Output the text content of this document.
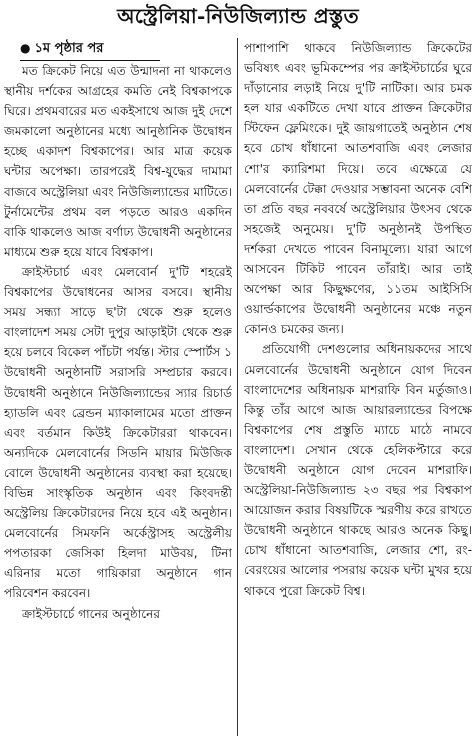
অস্ট্রেলিয়া-নিউজিল্যান্ড প্রস্তুত
● ১ম পৃষ্ঠার পর

মত ক্রিকেট নিয়ে এত উন্মাদনা না থাকলেও স্থানীয় দর্শকের আগ্রহের কমতি নেই বিশ্বকাপকে ঘিরে। প্রথমবারের মত একইসাথে আজ দুই দেশে জমকালো অনুষ্ঠানের মধ্যে আনুষ্ঠানিক উদ্বোধন হচ্ছে একাদশ বিশ্বকাপের। আর মাত্র কয়েক ঘন্টার অপেক্ষা। তারপরেই বিশ্ব-যুদ্ধের দামামা বাজবে অস্ট্রেলিয়া এবং নিউজিল্যান্ডের মাটিতে। টুর্নামেন্টের প্রথম বল পড়তে আরও একদিন বাকি থাকলেও আজ বর্ণাঢ্য উদ্বোধনী অনুষ্ঠানের মাধ্যমে শুরু হয়ে যাবে বিশ্বকাপ।

ক্রাইস্টচার্চ এবং মেলবোর্ন দু'টি শহরেই বিশ্বকাপের উদ্বোধনের আসর বসবে। স্থানীয় সময় সন্ধ্যা সাড়ে ছ'টা থেকে শুরু হলেও বাংলাদেশ সময় সেটা দুপুর আড়াইটা থেকে শুরু হয়ে চলবে বিকেল পাঁচটা পর্যন্ত। স্টার স্পোর্টস ১ উদ্বোধনী অনুষ্ঠানটি সরাসরি সম্প্রচার করবে। উদ্বোধনী অনুষ্ঠানে নিউজিল্যান্ডের স্যার রিচার্ড হ্যাডলি এবং ব্রেন্ডন ম্যাকালামের মতো প্রাক্তন এবং বর্তমান কিউই ক্রিকেটাররা থাকবেন। অন্যদিকে মেলবোর্নের সিডনি মায়ার মিউজিক বোলে উদ্বোধনী অনুষ্ঠানের ব্যবস্থা করা হয়েছে। বিভিন্ন সাংস্কৃতিক অনুষ্ঠান এবং কিংবদন্তী অস্ট্রেলিয় ক্রিকেটারদের নিয়ে হবে এই অনুষ্ঠান। মেলবোর্নের সিমফনি অর্কেস্ট্রাসহ অস্ট্রেলীয় পপতারকা জেসিকা হিলদা মাউবয়, টিনা এরিনার মতো গায়িকারা অনুষ্ঠানে গান পরিবেশন করবেন।

ক্রাইস্টচার্চে গানের অনুষ্ঠানের

পাশাপাশি থাকবে নিউজিল্যান্ড ক্রিকেটের ভবিষ্যৎ এবং ভূমিকম্পের পর ক্রাইস্টচার্চের ঘুরে দাঁড়ানোর লড়াই নিয়ে দু'টি নাটিকা। আর চমক হল যার একটিতে দেখা যাবে প্রাক্তন ক্রিকেটার স্টিফেন ফ্লেমিংকে। দুই জায়গাতেই অনুষ্ঠান শেষ হবে চোখ ধাঁধানো আতশবাজি এবং লেজার শো'র ক্যারিশমা দিয়ে। তবে এক্ষেত্রে যে মেলবোর্নের টেক্কা দেওয়ার সম্ভাবনা অনেক বেশি তা প্রতি বছর নববর্ষে অস্ট্রেলিয়ার উৎসব থেকে সহজেই অনুমেয়। দু'টি অনুষ্ঠানই উপস্থিত দর্শকরা দেখতে পাবেন বিনামূল্যে। যারা আগে আসবেন টিকিট পাবেন তাঁরাই। আর তাই অপেক্ষা আর কিছুক্ষণের, ১১তম আইসিসি ওয়ার্ল্ডকাপের উদ্বোধনী অনুষ্ঠানের মঞ্চে নতুন কোনও চমকের জন্য।

প্রতিযোগী দেশগুলোর অধিনায়কদের সাথে মেলবোর্নের উদ্বোধনী অনুষ্ঠানে যোগ দিবেন বাংলাদেশের অধিনায়ক মাশরাফি বিন মর্তুজাও। কিন্তু তাঁর আগে আজ আয়ারল্যান্ডের বিপক্ষে বিশ্বকাপের শেষ প্রস্তুতি ম্যাচে মাঠে নামবে বাংলাদেশ। সেখান থেকে হেলিকপ্টারে করে উদ্বোধনী অনুষ্ঠানে যোগ দেবেন মাশরাফি। অস্ট্রেলিয়া-নিউজিল্যান্ড ২৩ বছর পর বিশ্বকাপ আয়োজন করার বিষয়টিকে স্মরণীয় করে রাখতে উদ্বোধনী অনুষ্ঠানে থাকছে আরও অনেক কিছু। চোখ ধাঁধানো আতশবাজি, লেজার শো, রং-বেরংয়ের আলোর পসরায় কয়েক ঘন্টা মুখর হয়ে থাকবে পুরো ক্রিকেট বিশ্ব।
